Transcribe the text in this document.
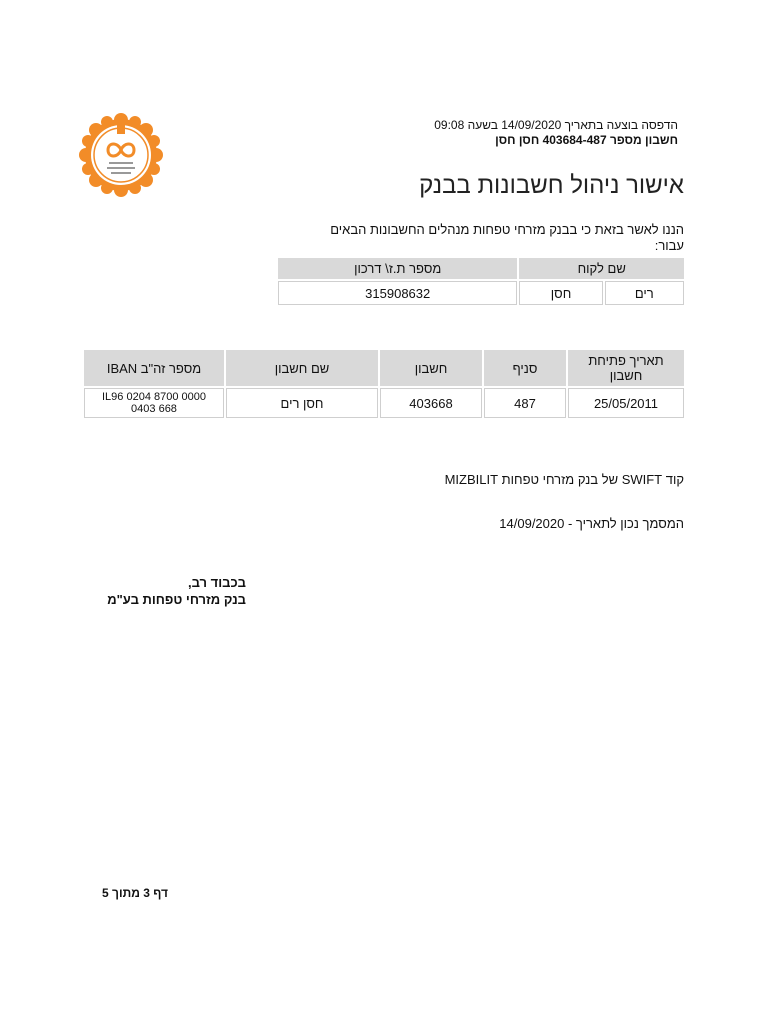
הדפסה בוצעה בתאריך 14/09/2020 בשעה 09:08
חשבון מספר 403684-487 חסן חסן
אישור ניהול חשבונות בבנק
הננו לאשר בזאת כי בבנק מזרחי טפחות מנהלים החשבונות הבאים עבור:
שם לקוח		מספר ת.ז\ דרכון
רים	חסן	315908632
תאריך פתיחת חשבון	סניף	חשבון	שם חשבון	מספר זה"ב IBAN
25/05/2011	487	403668	חסן רים	IL96 0204 8700 0000 0403 668
קוד SWIFT של בנק מזרחי טפחות MIZBILIT
המסמך נכון לתאריך - 14/09/2020
בכבוד רב,
בנק מזרחי טפחות בע"מ
דף 3 מתוך 5
